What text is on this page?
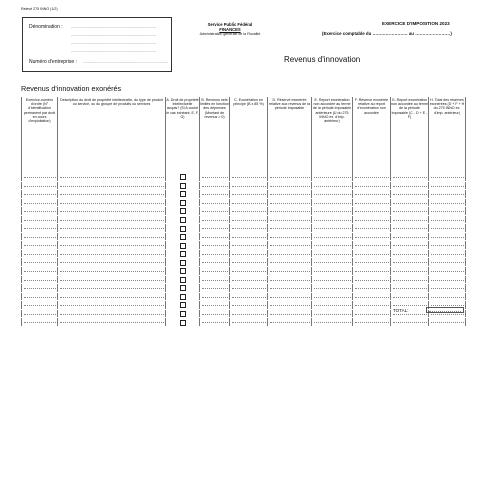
Relevé 275 INNO (1/2)
Dénomination : ……………………………………………
……………………………………………
……………………………………………
……………………………………………
Numéro d'entreprise : ……………………………………………
Service Public Fédéral
FINANCES
Administration générale de la Fiscalité
EXERCICE D'IMPOSITION 2023
(Exercice comptable du …………………… au ……………………)
Revenus d'innovation
Revenus d'innovation exonérés
Exercice-numéro d'ordre (N° d'identification permanent par droit en cours d'exploitation)	Description du droit de propriété intellectuelle, du type de produit ou service, ou du groupe de produits ou services	A. Droit de propriété intellectuelle acquis? (Si A coché le cas échéant, E, F, G)	B. Revenus nets limités en fonction des dépenses (Montant de revenus > 0)	C. Exonération en principe (B x 85 %)	D. Réserve exonérée relative aux revenus de la période imposable	E. Report exonération non accordée au terme de la période imposable antérieure (Ü du 275 INNO ex. d'imp. antérieur)	F. Réserve exonérée relative au report d'exonération non accordée	G. Report exonération non accordée au terme de la période imposable (C - D + E - F)	H. Total des réserves exonérées (D + F + H du 275 INNO ex. d'imp. antérieur)

TOTAL:
